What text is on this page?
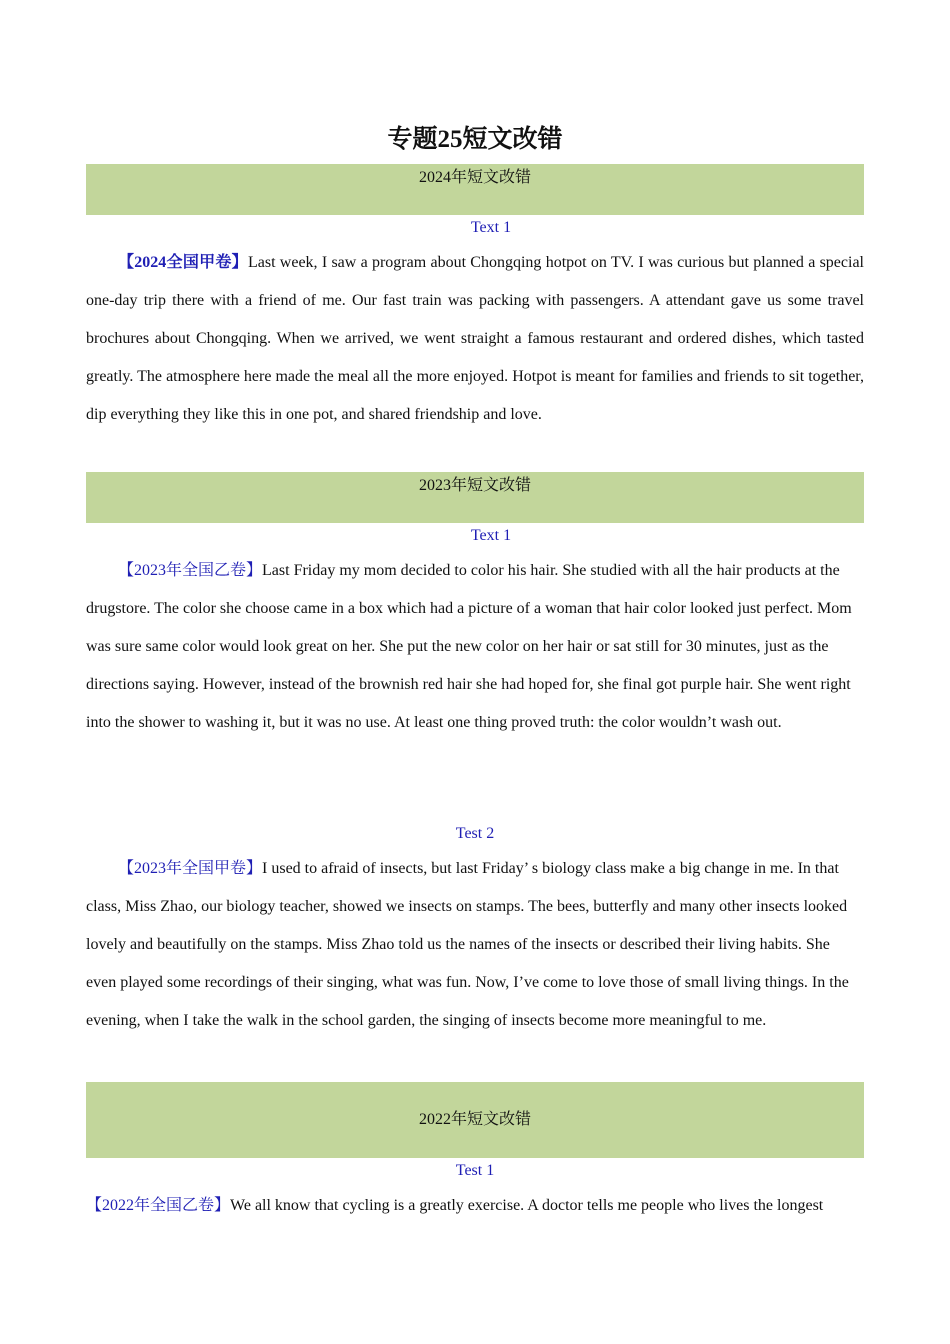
专题25短文改错
2024年短文改错
Text 1

【2024全国甲卷】Last week, I saw a program about Chongqing hotpot on TV. I was curious but planned a special one-day trip there with a friend of me. Our fast train was packing with passengers. A attendant gave us some travel brochures about Chongqing. When we arrived, we went straight a famous restaurant and ordered dishes, which tasted greatly. The atmosphere here made the meal all the more enjoyed. Hotpot is meant for families and friends to sit together, dip everything they like this in one pot, and shared friendship and love.

2023年短文改错
Text 1

【2023年全国乙卷】Last Friday my mom decided to color his hair. She studied with all the hair products at the drugstore. The color she choose came in a box which had a picture of a woman that hair color looked just perfect. Mom was sure same color would look great on her. She put the new color on her hair or sat still for 30 minutes, just as the directions saying. However, instead of the brownish red hair she had hoped for, she final got purple hair. She went right into the shower to washing it, but it was no use. At least one thing proved truth: the color wouldn’t wash out.

Test 2

【2023年全国甲卷】I used to afraid of insects, but last Friday’ s biology class make a big change in me. In that class, Miss Zhao, our biology teacher, showed we insects on stamps. The bees, butterfly and many other insects looked lovely and beautifully on the stamps. Miss Zhao told us the names of the insects or described their living habits. She even played some recordings of their singing, what was fun. Now, I’ve come to love those of small living things. In the evening, when I take the walk in the school garden, the singing of insects become more meaningful to me.

2022年短文改错
Test 1

【2022年全国乙卷】We all know that cycling is a greatly exercise. A doctor tells me people who lives the longest
